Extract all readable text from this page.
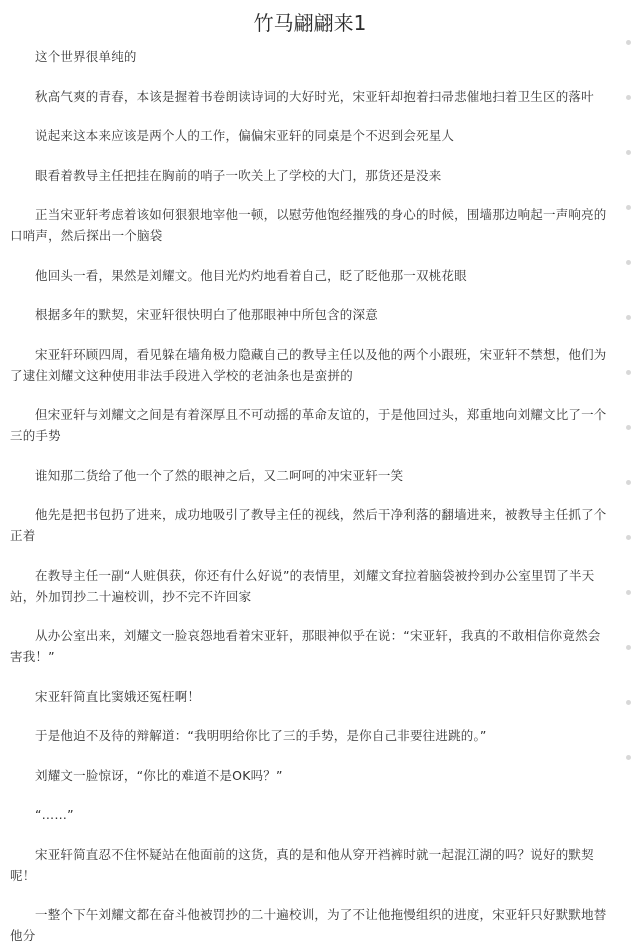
竹马翩翩来1

这个世界很单纯的

秋高气爽的青春，本该是握着书卷朗读诗词的大好时光，宋亚轩却抱着扫帚悲催地扫着卫生区的落叶

说起来这本来应该是两个人的工作，偏偏宋亚轩的同桌是个不迟到会死星人

眼看着教导主任把挂在胸前的哨子一吹关上了学校的大门，那货还是没来

正当宋亚轩考虑着该如何狠狠地宰他一顿，以慰劳他饱经摧残的身心的时候，围墙那边响起一声响亮的口哨声，然后探出一个脑袋

他回头一看，果然是刘耀文。他目光灼灼地看着自己，眨了眨他那一双桃花眼

根据多年的默契，宋亚轩很快明白了他那眼神中所包含的深意

宋亚轩环顾四周，看见躲在墙角极力隐藏自己的教导主任以及他的两个小跟班，宋亚轩不禁想，他们为了逮住刘耀文这种使用非法手段进入学校的老油条也是蛮拼的

但宋亚轩与刘耀文之间是有着深厚且不可动摇的革命友谊的，于是他回过头，郑重地向刘耀文比了一个三的手势

谁知那二货给了他一个了然的眼神之后，又二呵呵的冲宋亚轩一笑

他先是把书包扔了进来，成功地吸引了教导主任的视线，然后干净利落的翻墙进来，被教导主任抓了个正着

在教导主任一副“人赃俱获，你还有什么好说”的表情里，刘耀文耷拉着脑袋被拎到办公室里罚了半天站，外加罚抄二十遍校训，抄不完不许回家

从办公室出来，刘耀文一脸哀怨地看着宋亚轩，那眼神似乎在说：“宋亚轩，我真的不敢相信你竟然会害我！”

宋亚轩简直比窦娥还冤枉啊！

于是他迫不及待的辩解道：“我明明给你比了三的手势，是你自己非要往进跳的。”

刘耀文一脸惊讶，“你比的难道不是OK吗？”

“……”

宋亚轩简直忍不住怀疑站在他面前的这货，真的是和他从穿开裆裤时就一起混江湖的吗？说好的默契呢！

一整个下午刘耀文都在奋斗他被罚抄的二十遍校训，为了不让他拖慢组织的进度，宋亚轩只好默默地替他分
